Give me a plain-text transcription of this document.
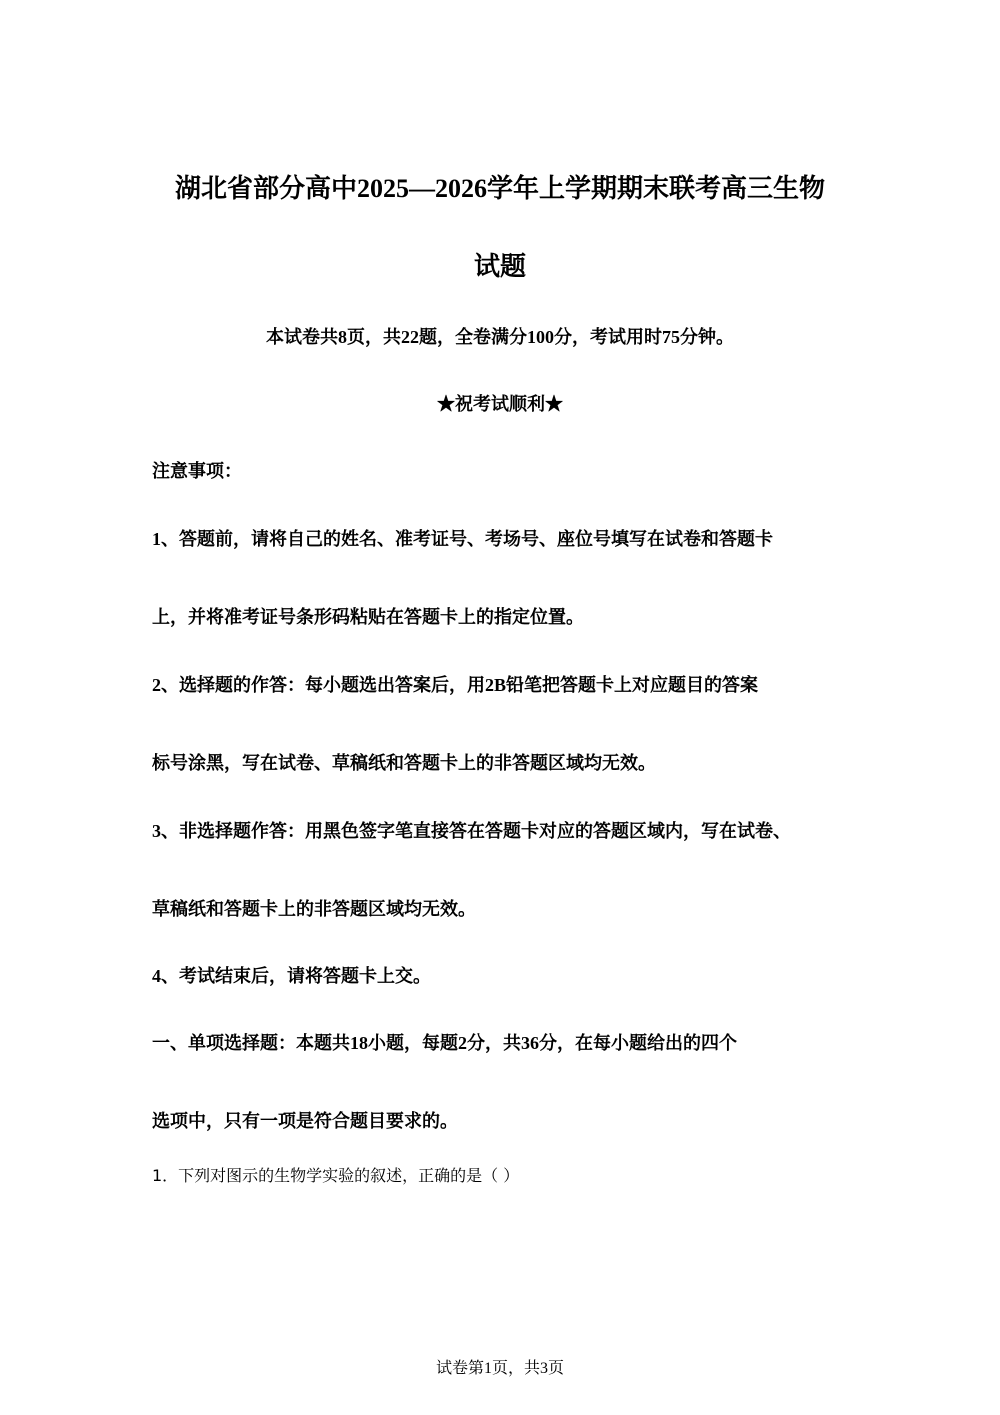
湖北省部分高中2025—2026学年上学期期末联考高三生物
试题
本试卷共8页，共22题，全卷满分100分，考试用时75分钟。
★祝考试顺利★
注意事项：
1、答题前，请将自己的姓名、准考证号、考场号、座位号填写在试卷和答题卡
上，并将准考证号条形码粘贴在答题卡上的指定位置。
2、选择题的作答：每小题选出答案后，用2B铅笔把答题卡上对应题目的答案
标号涂黑，写在试卷、草稿纸和答题卡上的非答题区域均无效。
3、非选择题作答：用黑色签字笔直接答在答题卡对应的答题区域内，写在试卷、
草稿纸和答题卡上的非答题区域均无效。
4、考试结束后，请将答题卡上交。
一、单项选择题：本题共18小题，每题2分，共36分，在每小题给出的四个
选项中，只有一项是符合题目要求的。
1．下列对图示的生物学实验的叙述，正确的是（ ）
试卷第1页，共3页
